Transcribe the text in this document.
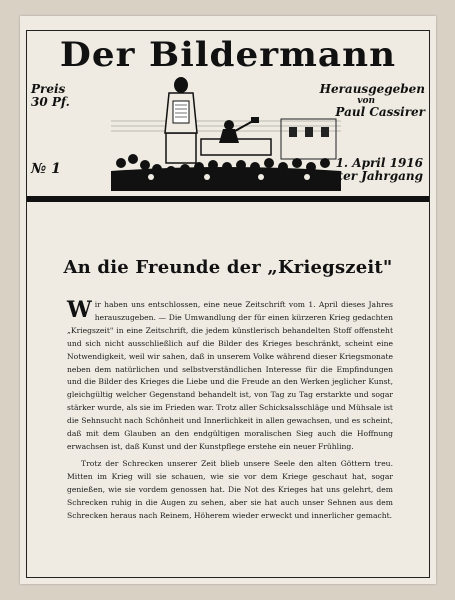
Der Bildermann
Preis
30 Pf.
Herausgegeben
von
Paul Cassirer
№ 1	1. April 1916
Erster Jahrgang
An die Freunde der „Kriegszeit"

Wir haben uns entschlossen, eine neue Zeitschrift vom 1. April dieses Jahres herauszugeben. — Die Umwandlung der für einen kürzeren Krieg gedachten „Kriegszeit" in eine Zeitschrift, die jedem künstlerisch behandelten Stoff offensteht und sich nicht ausschließlich auf die Bilder des Krieges beschränkt, scheint eine Notwendigkeit, weil wir sahen, daß in unserem Volke während dieser Kriegsmonate neben dem natürlichen und selbstverständlichen Interesse für die Empfindungen und die Bilder des Krieges die Liebe und die Freude an den Werken jeglicher Kunst, gleichgültig welcher Gegenstand behandelt ist, von Tag zu Tag erstarkte und sogar stärker wurde, als sie im Frieden war. Trotz aller Schicksalsschläge und Mühsale ist die Sehnsucht nach Schönheit und Innerlichkeit in allen gewachsen, und es scheint, daß mit dem Glauben an den endgültigen moralischen Sieg auch die Hoffnung erwachsen ist, daß Kunst und der Kunstpflege erstehe ein neuer Frühling.

Trotz der Schrecken unserer Zeit blieb unsere Seele den alten Göttern treu. Mitten im Krieg will sie schauen, wie sie vor dem Kriege geschaut hat, sogar genießen, wie sie vordem genossen hat. Die Not des Krieges hat uns gelehrt, dem Schrecken ruhig in die Augen zu sehen, aber sie hat auch unser Sehnen aus dem Schrecken heraus nach Reinem, Höherem wieder erweckt und innerlicher gemacht.
